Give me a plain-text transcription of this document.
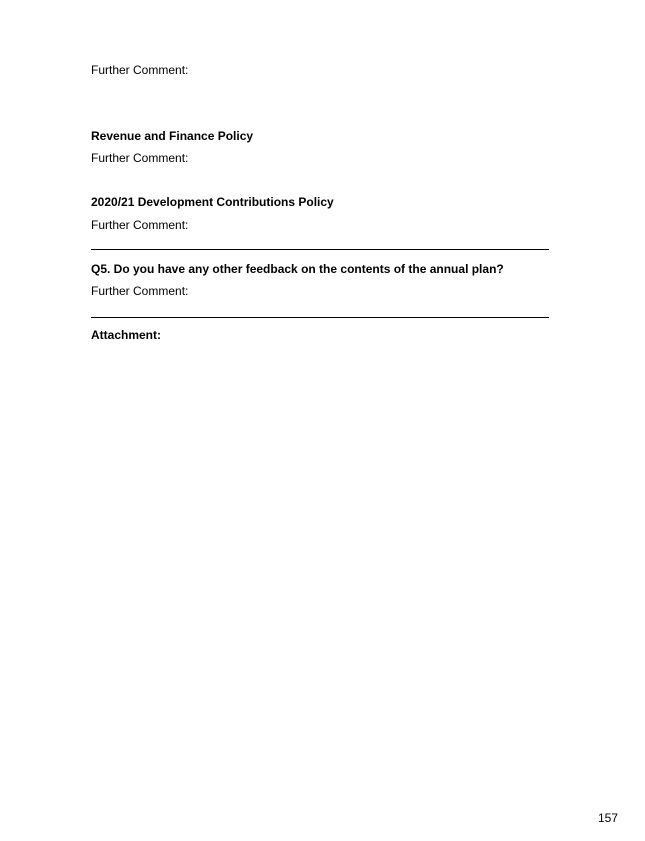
Further Comment:
Revenue and Finance Policy
Further Comment:
2020/21 Development Contributions Policy
Further Comment:
Q5. Do you have any other feedback on the contents of the annual plan?
Further Comment:
Attachment:
157
